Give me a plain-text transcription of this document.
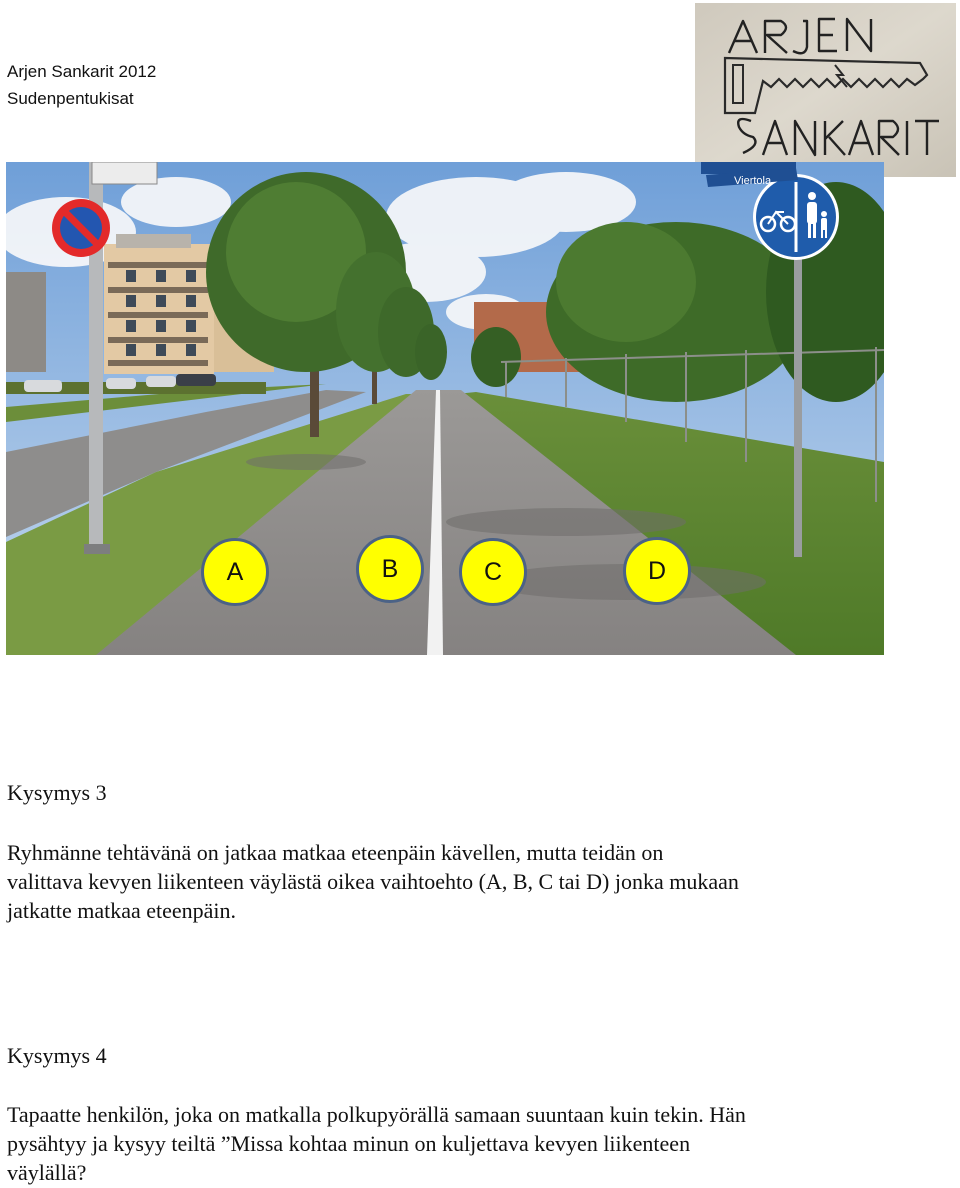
Arjen Sankarit 2012
Sudenpentukisat
Viertola
A	B	C	D
Kysymys 3
Ryhmänne tehtävänä on jatkaa matkaa eteenpäin kävellen, mutta teidän on
valittava kevyen liikenteen väylästä oikea vaihtoehto (A, B, C tai D) jonka mukaan
jatkatte matkaa eteenpäin.
Kysymys 4
Tapaatte henkilön, joka on matkalla polkupyörällä samaan suuntaan kuin tekin. Hän
pysähtyy ja kysyy teiltä ”Missa kohtaa minun on kuljettava kevyen liikenteen
väylällä?
